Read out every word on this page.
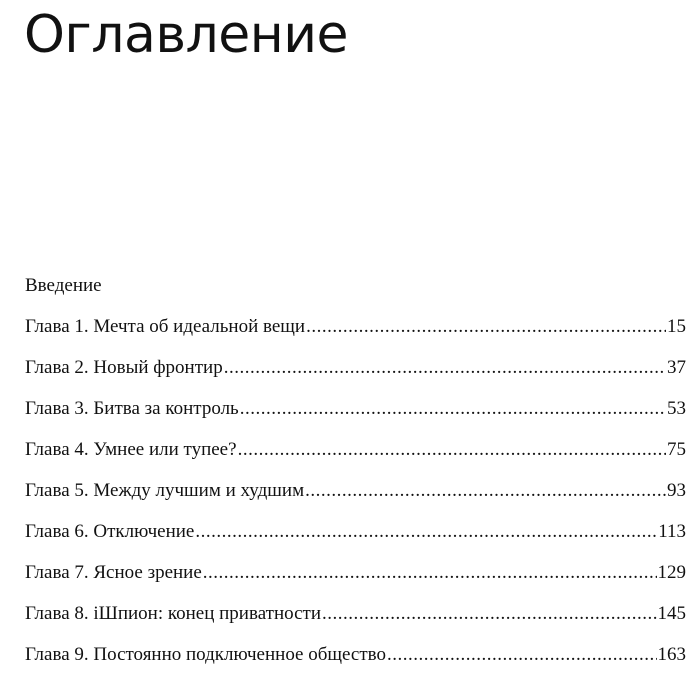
Оглавление
Введение
Глава 1. Мечта об идеальной вещи .....	15
Глава 2. Новый фронтир .....	37
Глава 3. Битва за контроль .....	53
Глава 4. Умнее или тупее? .....	75
Глава 5. Между лучшим и худшим .....	93
Глава 6. Отключение .....	113
Глава 7. Ясное зрение .....	129
Глава 8. iШпион: конец приватности .....	145
Глава 9. Постоянно подключенное общество .....	163
